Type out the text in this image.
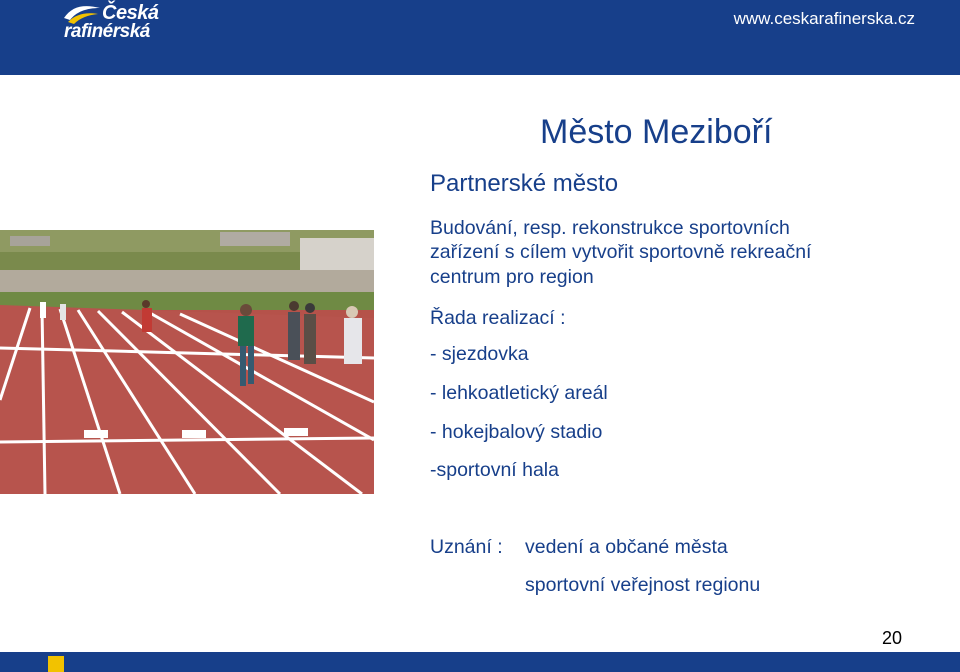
Česká
rafinérská
www.ceskarafinerska.cz
Město Meziboří
Partnerské město
Budování, resp. rekonstrukce sportovních
zařízení s cílem vytvořit sportovně rekreační
centrum pro region
Řada realizací :
- sjezdovka
- lehkoatletický areál
- hokejbalový stadio
-sportovní hala
Uznání : vedení a občané města
sportovní veřejnost regionu
20
